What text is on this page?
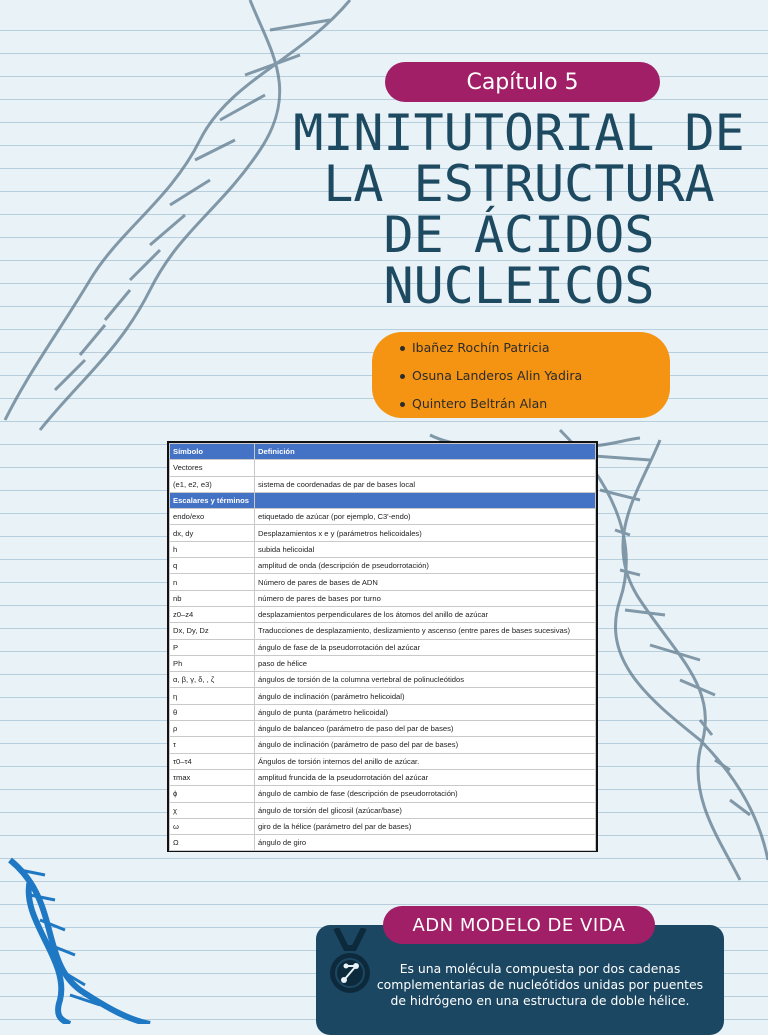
Capítulo 5
MINITUTORIAL DE
LA ESTRUCTURA
DE ÁCIDOS
NUCLEICOS
Ibañez Rochín Patricia
Osuna Landeros Alin Yadira
Quintero Beltrán Alan
Símbolo	Definición
Vectores	
(e1, e2, e3)	sistema de coordenadas de par de bases local
Escalares y términos	
endo/exo	etiquetado de azúcar (por ejemplo, C3'-endo)
dx, dy	Desplazamientos x e y (parámetros helicoidales)
h	subida helicoidal
q	amplitud de onda (descripción de pseudorrotación)
n	Número de pares de bases de ADN
nb	número de pares de bases por turno
z0–z4	desplazamientos perpendiculares de los átomos del anillo de azúcar
Dx, Dy, Dz	Traducciones de desplazamiento, deslizamiento y ascenso (entre pares de bases sucesivas)
P	ángulo de fase de la pseudorrotación del azúcar
Ph	paso de hélice
α, β, γ, δ, , ζ	ángulos de torsión de la columna vertebral de polinucleótidos
η	ángulo de inclinación (parámetro helicoidal)
θ	ángulo de punta (parámetro helicoidal)
ρ	ángulo de balanceo (parámetro de paso del par de bases)
τ	ángulo de inclinación (parámetro de paso del par de bases)
τ0–τ4	Ángulos de torsión internos del anillo de azúcar.
τmax	amplitud fruncida de la pseudorrotación del azúcar
ϕ	ángulo de cambio de fase (descripción de pseudorrotación)
χ	ángulo de torsión del glicosil (azúcar/base)
ω	giro de la hélice (parámetro del par de bases)
Ω	ángulo de giro
ADN MODELO DE VIDA

Es una molécula compuesta por dos cadenas complementarias de nucleótidos unidas por puentes de hidrógeno en una estructura de doble hélice.
